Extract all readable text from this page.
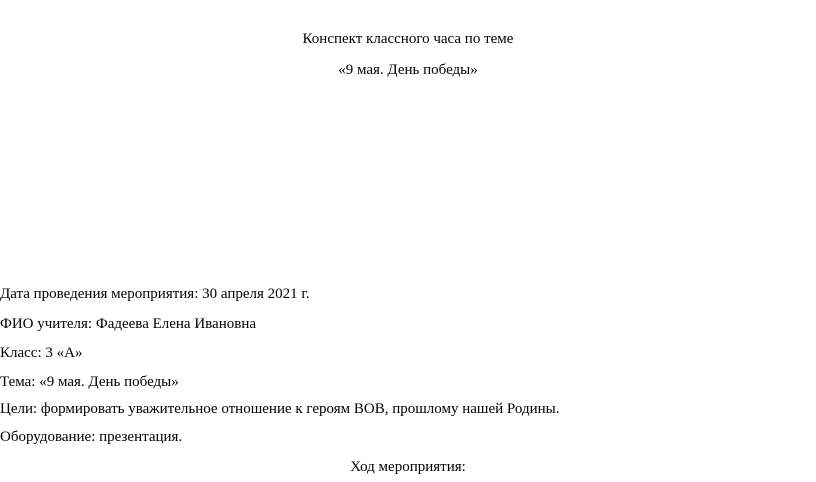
Конспект классного часа по теме
«9 мая. День победы»
Дата проведения мероприятия: 30 апреля 2021 г.
ФИО учителя: Фадеева Елена Ивановна
Класс: 3 «А»
Тема: «9 мая. День победы»
Цели: формировать уважительное отношение к героям ВОВ, прошлому нашей Родины.
Оборудование: презентация.
Ход мероприятия:
